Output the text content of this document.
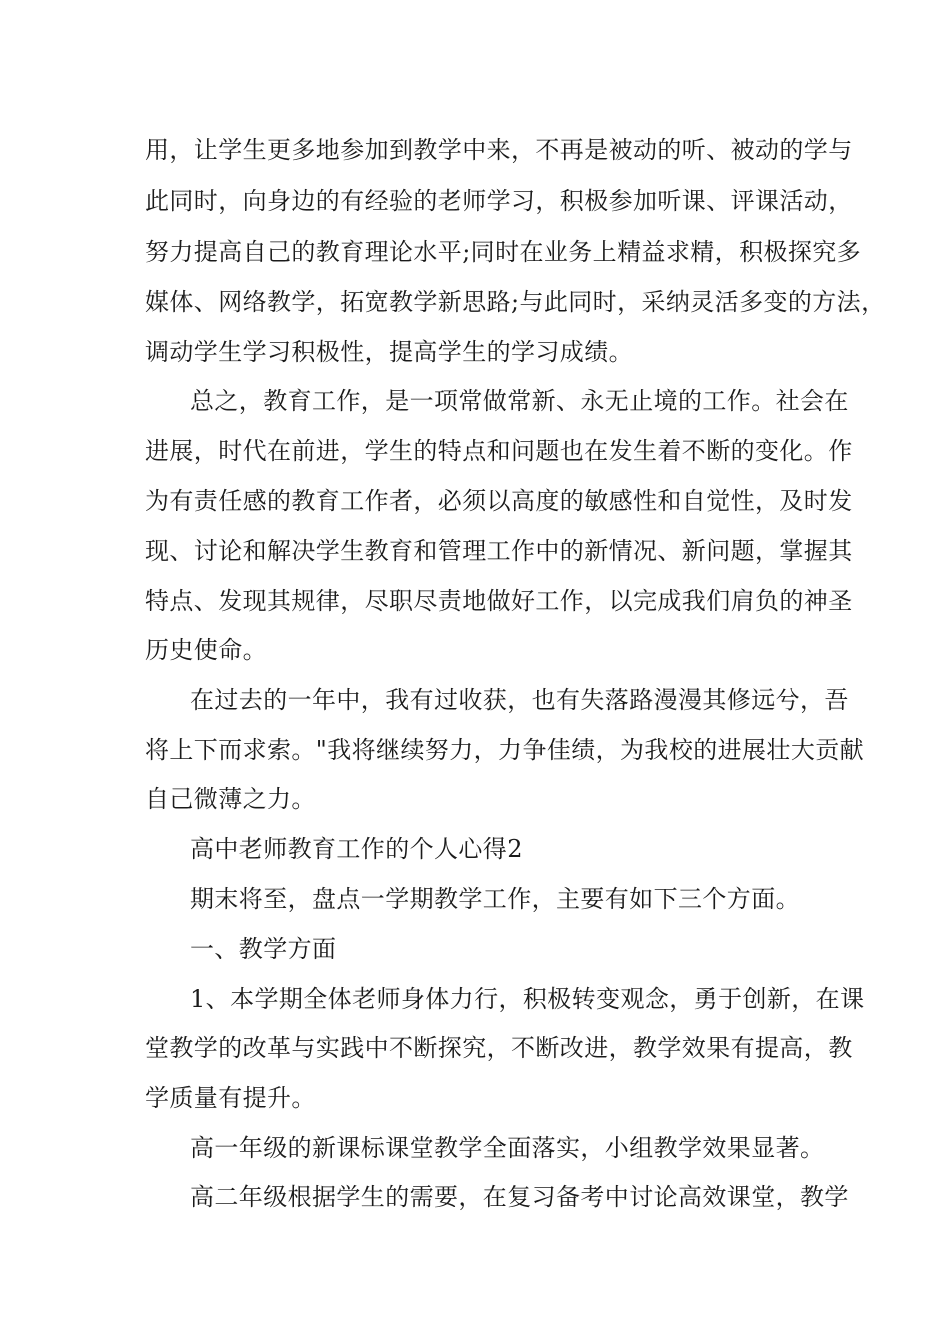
用，让学生更多地参加到教学中来，不再是被动的听、被动的学与
此同时，向身边的有经验的老师学习，积极参加听课、评课活动，
努力提高自己的教育理论水平;同时在业务上精益求精，积极探究多
媒体、网络教学，拓宽教学新思路;与此同时，采纳灵活多变的方法，
调动学生学习积极性，提高学生的学习成绩。
总之，教育工作，是一项常做常新、永无止境的工作。社会在
进展，时代在前进，学生的特点和问题也在发生着不断的变化。作
为有责任感的教育工作者，必须以高度的敏感性和自觉性，及时发
现、讨论和解决学生教育和管理工作中的新情况、新问题，掌握其
特点、发现其规律，尽职尽责地做好工作，以完成我们肩负的神圣
历史使命。
在过去的一年中，我有过收获，也有失落路漫漫其修远兮，吾
将上下而求索。"我将继续努力，力争佳绩，为我校的进展壮大贡献
自己微薄之力。
高中老师教育工作的个人心得2
期末将至，盘点一学期教学工作，主要有如下三个方面。
一、教学方面
1、本学期全体老师身体力行，积极转变观念，勇于创新，在课
堂教学的改革与实践中不断探究，不断改进，教学效果有提高，教
学质量有提升。
高一年级的新课标课堂教学全面落实，小组教学效果显著。
高二年级根据学生的需要，在复习备考中讨论高效课堂，教学
